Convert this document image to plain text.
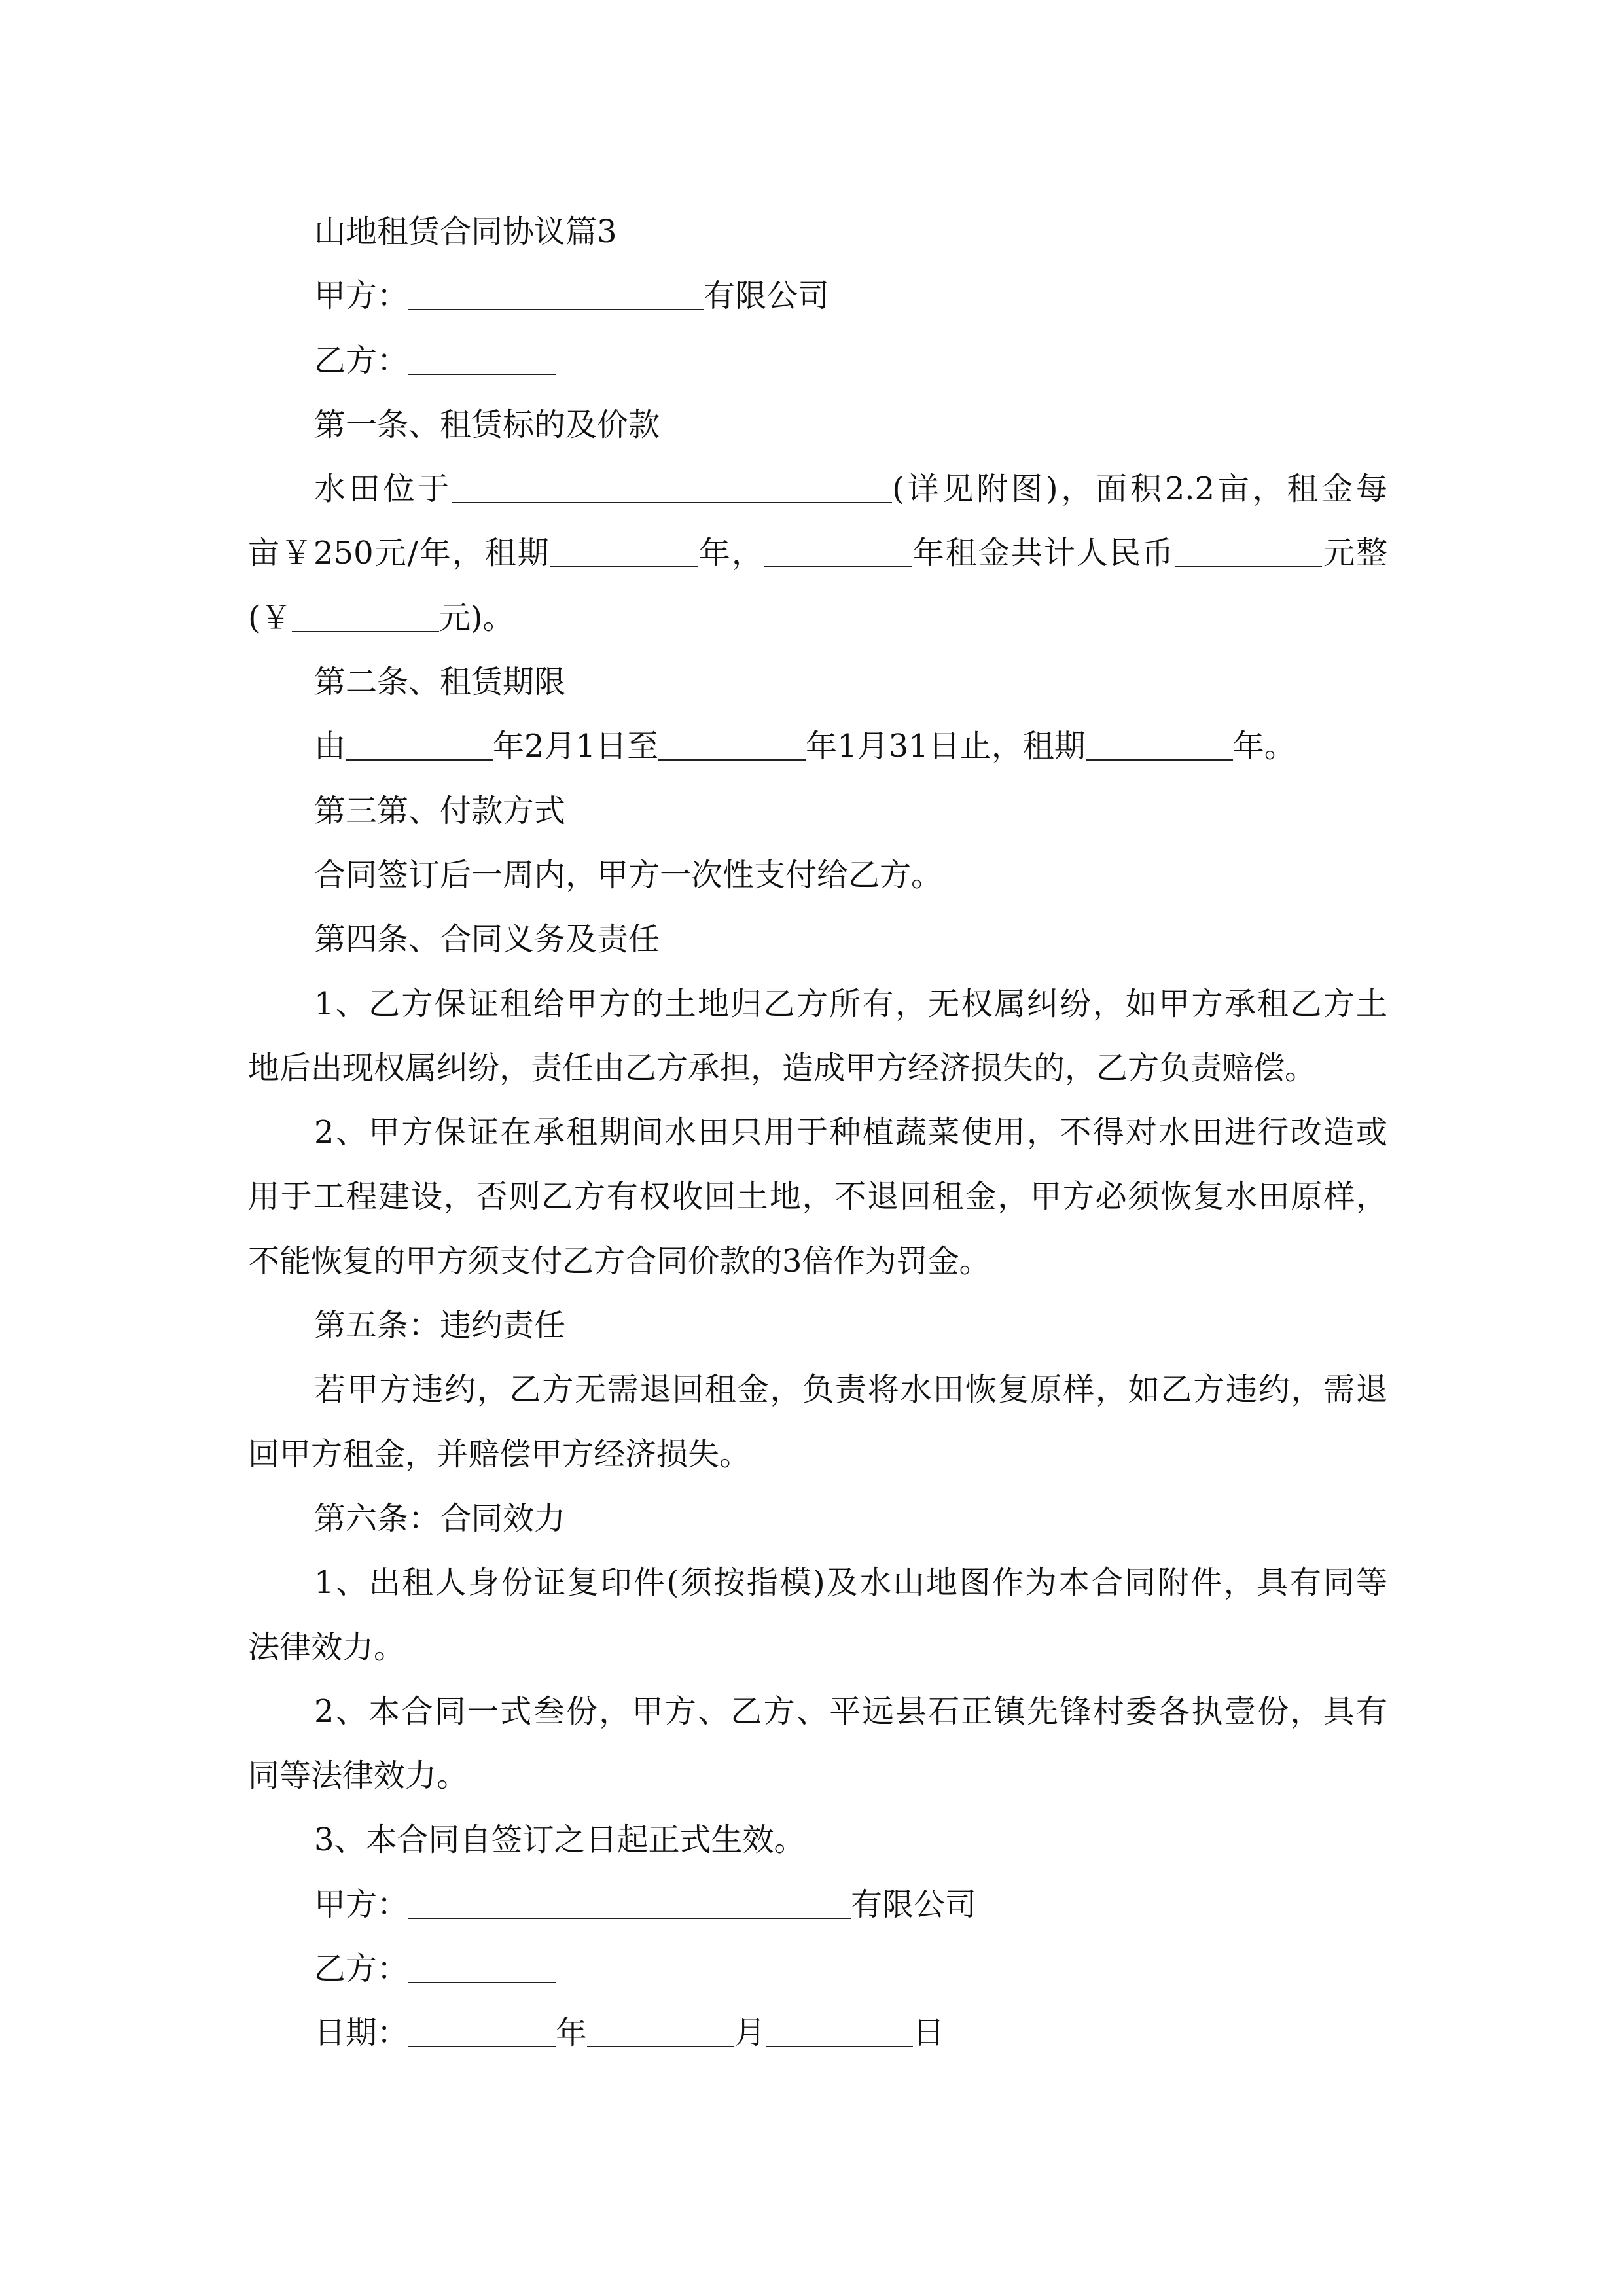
山地租赁合同协议篇3
甲方：	有限公司
乙方：
第一条、租赁标的及价款
水田位于	(详见附图)，面积2.2亩，租金每
亩￥250元/年，租期	年，	年租金共计人民币	元整
(￥	元)。
第二条、租赁期限
由	年2月1日至	年1月31日止，租期	年。
第三第、付款方式
合同签订后一周内，甲方一次性支付给乙方。
第四条、合同义务及责任
1、乙方保证租给甲方的土地归乙方所有，无权属纠纷，如甲方承租乙方土
地后出现权属纠纷，责任由乙方承担，造成甲方经济损失的，乙方负责赔偿。
2、甲方保证在承租期间水田只用于种植蔬菜使用，不得对水田进行改造或
用于工程建设，否则乙方有权收回土地，不退回租金，甲方必须恢复水田原样，
不能恢复的甲方须支付乙方合同价款的3倍作为罚金。
第五条：违约责任
若甲方违约，乙方无需退回租金，负责将水田恢复原样，如乙方违约，需退
回甲方租金，并赔偿甲方经济损失。
第六条：合同效力
1、出租人身份证复印件(须按指模)及水山地图作为本合同附件，具有同等
法律效力。
2、本合同一式叁份，甲方、乙方、平远县石正镇先锋村委各执壹份，具有
同等法律效力。
3、本合同自签订之日起正式生效。
甲方：	有限公司
乙方：
日期：	年	月	日
